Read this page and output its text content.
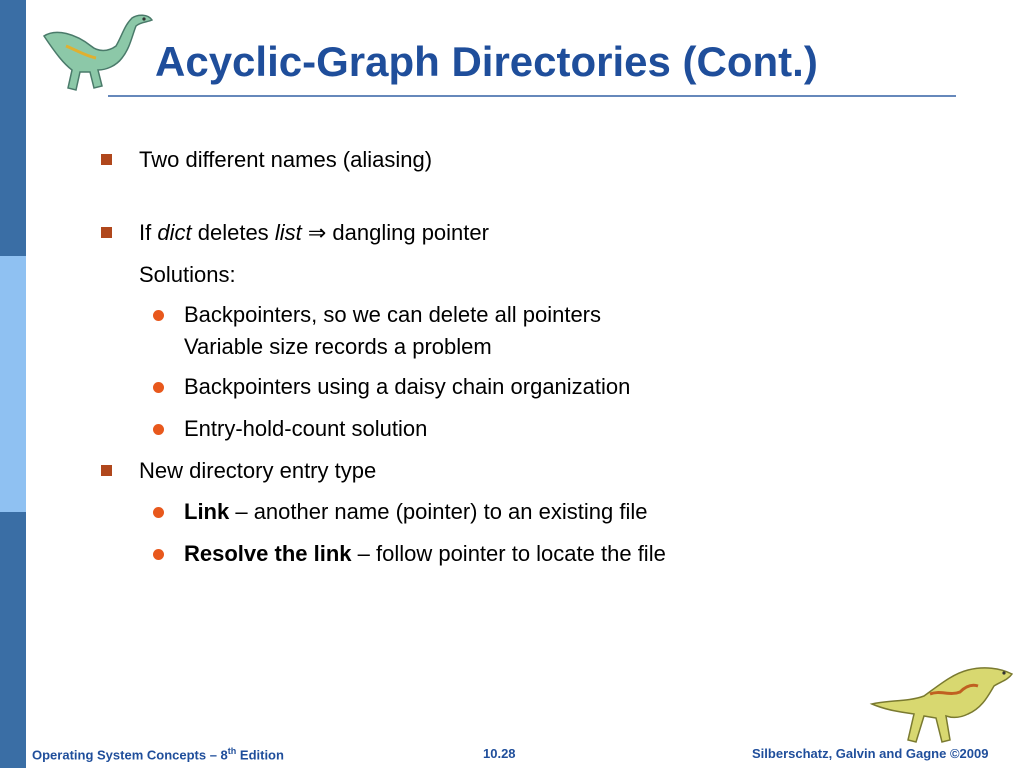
Acyclic-Graph Directories (Cont.)
Two different names (aliasing)
If dict deletes list ⇒ dangling pointer
Solutions:
Backpointers, so we can delete all pointers
Variable size records a problem
Backpointers using a daisy chain organization
Entry-hold-count solution
New directory entry type
Link – another name (pointer) to an existing file
Resolve the link – follow pointer to locate the file
Operating System Concepts – 8th Edition	10.28	Silberschatz, Galvin and Gagne ©2009
